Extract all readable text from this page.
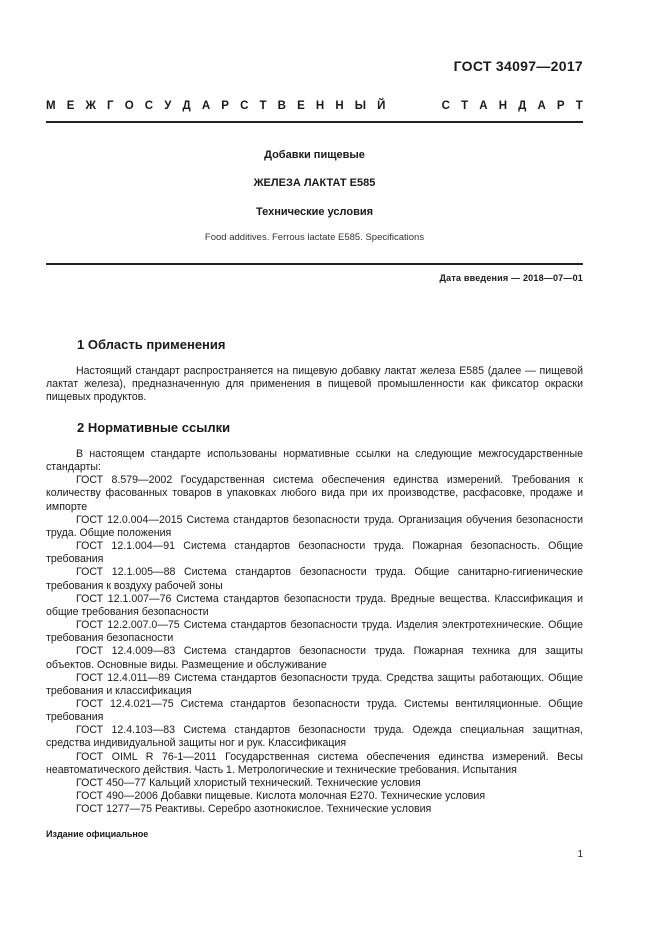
ГОСТ 34097—2017
М Е Ж Г О С У Д А Р С Т В Е Н Н Ы Й	С Т А Н Д А Р Т
Добавки пищевые
ЖЕЛЕЗА ЛАКТАТ Е585
Технические условия
Food additives. Ferrous lactate E585. Specifications
Дата введения — 2018—07—01
1 Область применения

Настоящий стандарт распространяется на пищевую добавку лактат железа Е585 (далее — пищевой лактат железа), предназначенную для применения в пищевой промышленности как фиксатор окраски пищевых продуктов.

2 Нормативные ссылки

В настоящем стандарте использованы нормативные ссылки на следующие межгосударственные стандарты:

ГОСТ 8.579—2002 Государственная система обеспечения единства измерений. Требования к количеству фасованных товаров в упаковках любого вида при их производстве, расфасовке, продаже и импорте

ГОСТ 12.0.004—2015 Система стандартов безопасности труда. Организация обучения безопасности труда. Общие положения

ГОСТ 12.1.004—91 Система стандартов безопасности труда. Пожарная безопасность. Общие требования

ГОСТ 12.1.005—88 Система стандартов безопасности труда. Общие санитарно-гигиенические требования к воздуху рабочей зоны

ГОСТ 12.1.007—76 Система стандартов безопасности труда. Вредные вещества. Классификация и общие требования безопасности

ГОСТ 12.2.007.0—75 Система стандартов безопасности труда. Изделия электротехнические. Общие требования безопасности

ГОСТ 12.4.009—83 Система стандартов безопасности труда. Пожарная техника для защиты объектов. Основные виды. Размещение и обслуживание

ГОСТ 12.4.011—89 Система стандартов безопасности труда. Средства защиты работающих. Общие требования и классификация

ГОСТ 12.4.021—75 Система стандартов безопасности труда. Системы вентиляционные. Общие требования

ГОСТ 12.4.103—83 Система стандартов безопасности труда. Одежда специальная защитная, средства индивидуальной защиты ног и рук. Классификация

ГОСТ OIML R 76-1—2011 Государственная система обеспечения единства измерений. Весы неавтоматического действия. Часть 1. Метрологические и технические требования. Испытания

ГОСТ 450—77 Кальций хлористый технический. Технические условия

ГОСТ 490—2006 Добавки пищевые. Кислота молочная Е270. Технические условия

ГОСТ 1277—75 Реактивы. Серебро азотнокислое. Технические условия

Издание официальное
1
